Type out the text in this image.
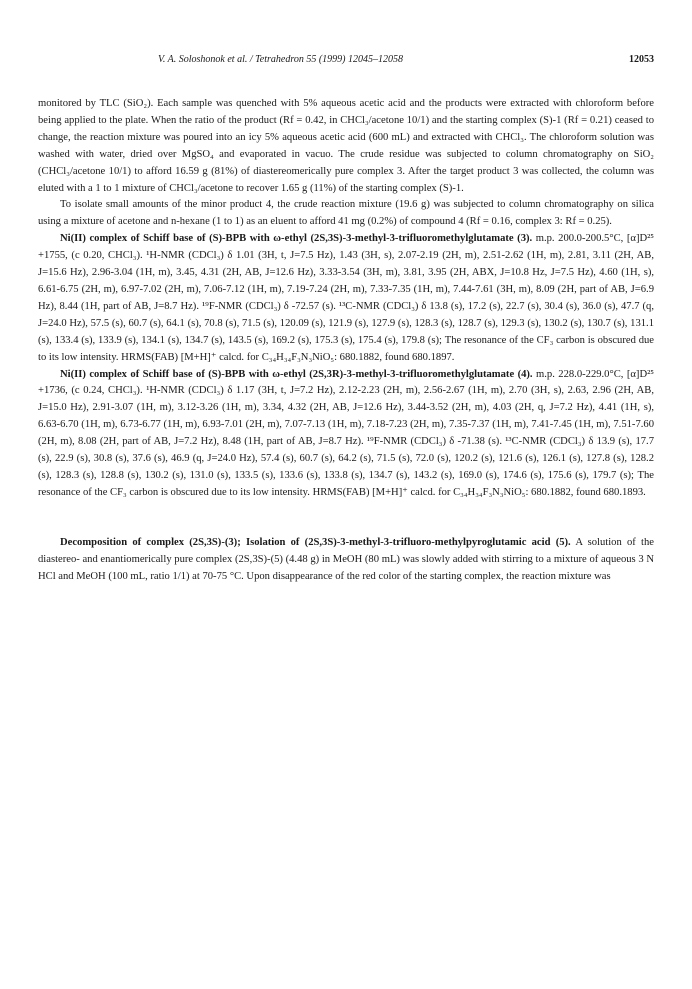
V. A. Soloshonok et al. / Tetrahedron 55 (1999) 12045–12058	12053

monitored by TLC (SiO₂). Each sample was quenched with 5% aqueous acetic acid and the products were extracted with chloroform before being applied to the plate. When the ratio of the product (Rf = 0.42, in CHCl₃/acetone 10/1) and the starting complex (S)-1 (Rf = 0.21) ceased to change, the reaction mixture was poured into an icy 5% aqueous acetic acid (600 mL) and extracted with CHCl₃. The chloroform solution was washed with water, dried over MgSO₄ and evaporated in vacuo. The crude residue was subjected to column chromatography on SiO₂ (CHCl₃/acetone 10/1) to afford 16.59 g (81%) of diastereomerically pure complex 3. After the target product 3 was collected, the column was eluted with a 1 to 1 mixture of CHCl₃/acetone to recover 1.65 g (11%) of the starting complex (S)-1.

To isolate small amounts of the minor product 4, the crude reaction mixture (19.6 g) was subjected to column chromatography on silica using a mixture of acetone and n-hexane (1 to 1) as an eluent to afford 41 mg (0.2%) of compound 4 (Rf = 0.16, complex 3: Rf = 0.25).

Ni(II) complex of Schiff base of (S)-BPB with ω-ethyl (2S,3S)-3-methyl-3-trifluoromethylglutamate (3). m.p. 200.0-200.5°C, [α]D²⁵ +1755, (c 0.20, CHCl₃). ¹H-NMR (CDCl₃) δ 1.01 (3H, t, J=7.5 Hz), 1.43 (3H, s), 2.07-2.19 (2H, m), 2.51-2.62 (1H, m), 2.81, 3.11 (2H, AB, J=15.6 Hz), 2.96-3.04 (1H, m), 3.45, 4.31 (2H, AB, J=12.6 Hz), 3.33-3.54 (3H, m), 3.81, 3.95 (2H, ABX, J=10.8 Hz, J=7.5 Hz), 4.60 (1H, s), 6.61-6.75 (2H, m), 6.97-7.02 (2H, m), 7.06-7.12 (1H, m), 7.19-7.24 (2H, m), 7.33-7.35 (1H, m), 7.44-7.61 (3H, m), 8.09 (2H, part of AB, J=6.9 Hz), 8.44 (1H, part of AB, J=8.7 Hz). ¹⁹F-NMR (CDCl₃) δ -72.57 (s). ¹³C-NMR (CDCl₃) δ 13.8 (s), 17.2 (s), 22.7 (s), 30.4 (s), 36.0 (s), 47.7 (q, J=24.0 Hz), 57.5 (s), 60.7 (s), 64.1 (s), 70.8 (s), 71.5 (s), 120.09 (s), 121.9 (s), 127.9 (s), 128.3 (s), 128.7 (s), 129.3 (s), 130.2 (s), 130.7 (s), 131.1 (s), 133.4 (s), 133.9 (s), 134.1 (s), 134.7 (s), 143.5 (s), 169.2 (s), 175.3 (s), 175.4 (s), 179.8 (s); The resonance of the CF₃ carbon is obscured due to its low intensity. HRMS(FAB) [M+H]⁺ calcd. for C₃₄H₃₄F₃N₃NiO₅: 680.1882, found 680.1897.

Ni(II) complex of Schiff base of (S)-BPB with ω-ethyl (2S,3R)-3-methyl-3-trifluoromethylglutamate (4). m.p. 228.0-229.0°C, [α]D²⁵ +1736, (c 0.24, CHCl₃). ¹H-NMR (CDCl₃) δ 1.17 (3H, t, J=7.2 Hz), 2.12-2.23 (2H, m), 2.56-2.67 (1H, m), 2.70 (3H, s), 2.63, 2.96 (2H, AB, J=15.0 Hz), 2.91-3.07 (1H, m), 3.12-3.26 (1H, m), 3.34, 4.32 (2H, AB, J=12.6 Hz), 3.44-3.52 (2H, m), 4.03 (2H, q, J=7.2 Hz), 4.41 (1H, s), 6.63-6.70 (1H, m), 6.73-6.77 (1H, m), 6.93-7.01 (2H, m), 7.07-7.13 (1H, m), 7.18-7.23 (2H, m), 7.35-7.37 (1H, m), 7.41-7.45 (1H, m), 7.51-7.60 (2H, m), 8.08 (2H, part of AB, J=7.2 Hz), 8.48 (1H, part of AB, J=8.7 Hz). ¹⁹F-NMR (CDCl₃) δ -71.38 (s). ¹³C-NMR (CDCl₃) δ 13.9 (s), 17.7 (s), 22.9 (s), 30.8 (s), 37.6 (s), 46.9 (q, J=24.0 Hz), 57.4 (s), 60.7 (s), 64.2 (s), 71.5 (s), 72.0 (s), 120.2 (s), 121.6 (s), 126.1 (s), 127.8 (s), 128.2 (s), 128.3 (s), 128.8 (s), 130.2 (s), 131.0 (s), 133.5 (s), 133.6 (s), 133.8 (s), 134.7 (s), 143.2 (s), 169.0 (s), 174.6 (s), 175.6 (s), 179.7 (s); The resonance of the CF₃ carbon is obscured due to its low intensity. HRMS(FAB) [M+H]⁺ calcd. for C₃₄H₃₄F₃N₃NiO₅: 680.1882, found 680.1893.

Decomposition of complex (2S,3S)-(3); Isolation of (2S,3S)-3-methyl-3-trifluoro-methylpyroglutamic acid (5). A solution of the diastereo- and enantiomerically pure complex (2S,3S)-(5) (4.48 g) in MeOH (80 mL) was slowly added with stirring to a mixture of aqueous 3 N HCl and MeOH (100 mL, ratio 1/1) at 70-75 °C. Upon disappearance of the red color of the starting complex, the reaction mixture was
